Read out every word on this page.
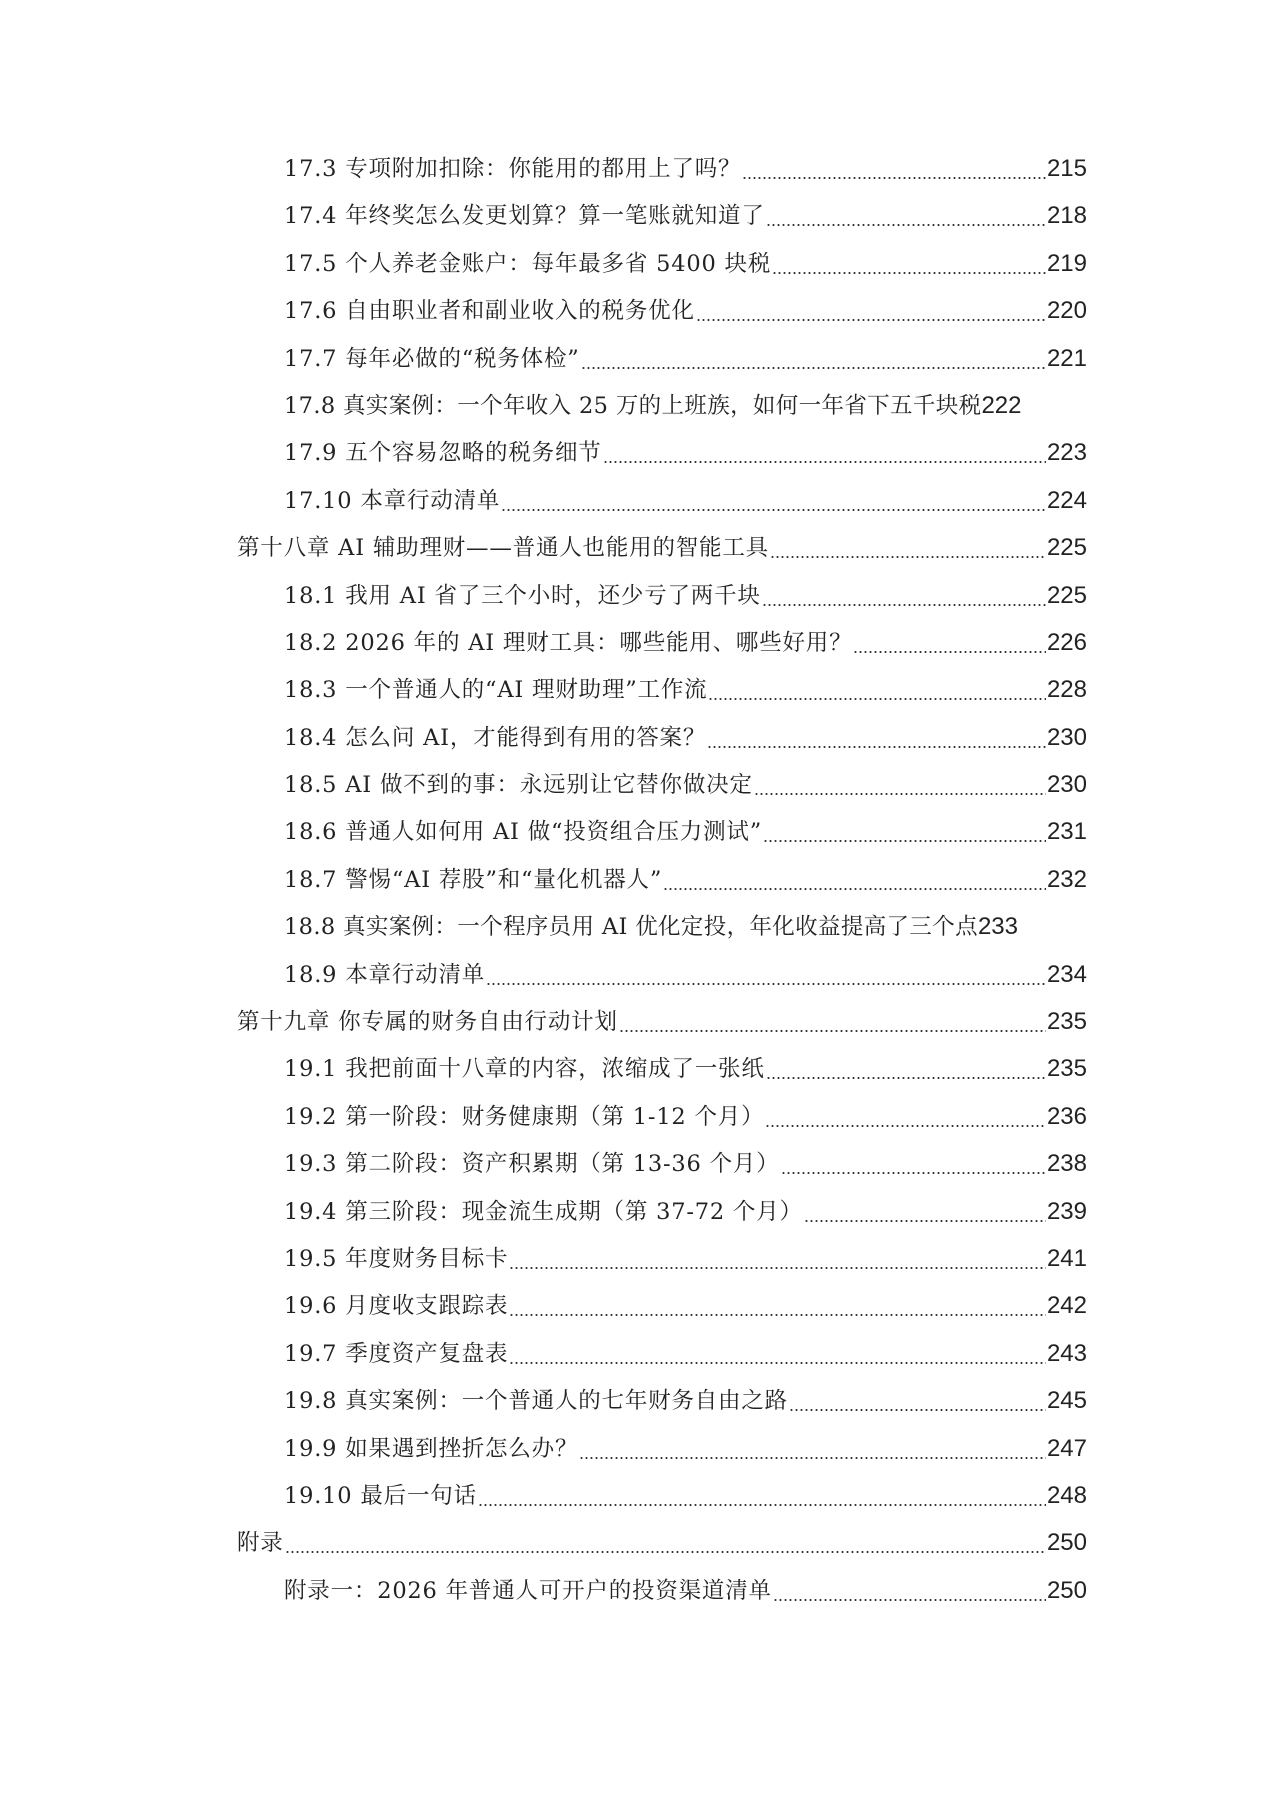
17.3 专项附加扣除：你能用的都用上了吗？	215
17.4 年终奖怎么发更划算？算一笔账就知道了	218
17.5 个人养老金账户：每年最多省 5400 块税	219
17.6 自由职业者和副业收入的税务优化	220
17.7 每年必做的“税务体检”	221
17.8 真实案例：一个年收入 25 万的上班族，如何一年省下五千块税 222
17.9 五个容易忽略的税务细节	223
17.10 本章行动清单	224
第十八章 AI 辅助理财——普通人也能用的智能工具	225
18.1 我用 AI 省了三个小时，还少亏了两千块	225
18.2 2026 年的 AI 理财工具：哪些能用、哪些好用？	226
18.3 一个普通人的“AI 理财助理”工作流	228
18.4 怎么问 AI，才能得到有用的答案？	230
18.5 AI 做不到的事：永远别让它替你做决定	230
18.6 普通人如何用 AI 做“投资组合压力测试”	231
18.7 警惕“AI 荐股”和“量化机器人”	232
18.8 真实案例：一个程序员用 AI 优化定投，年化收益提高了三个点 233
18.9 本章行动清单	234
第十九章 你专属的财务自由行动计划	235
19.1 我把前面十八章的内容，浓缩成了一张纸	235
19.2 第一阶段：财务健康期（第 1-12 个月）	236
19.3 第二阶段：资产积累期（第 13-36 个月）	238
19.4 第三阶段：现金流生成期（第 37-72 个月）	239
19.5 年度财务目标卡	241
19.6 月度收支跟踪表	242
19.7 季度资产复盘表	243
19.8 真实案例：一个普通人的七年财务自由之路	245
19.9 如果遇到挫折怎么办？	247
19.10 最后一句话	248
附录	250
附录一：2026 年普通人可开户的投资渠道清单	250
